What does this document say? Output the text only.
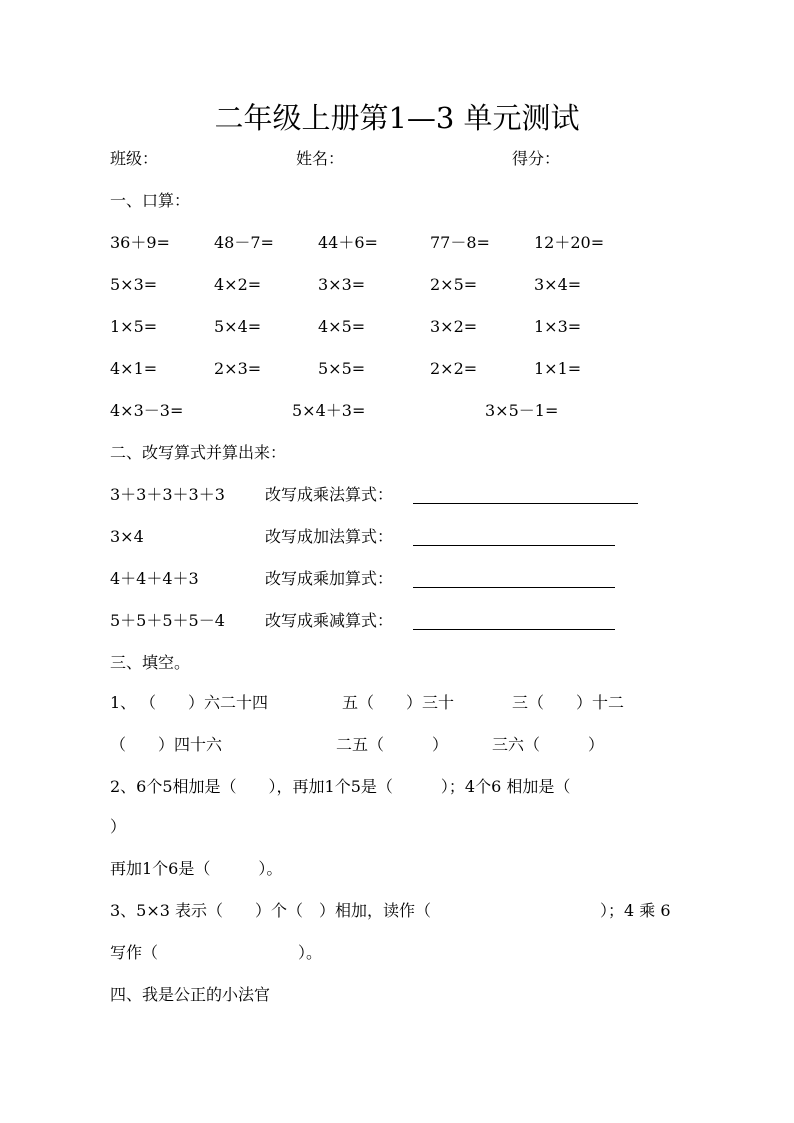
二年级上册第1—3 单元测试
班级：	姓名：	得分：
一、口算：
36＋9=	48－7=	44＋6=	77－8=	12＋20=
5×3=	4×2=	3×3=	2×5=	3×4=
1×5=	5×4=	4×5=	3×2=	1×3=
4×1=	2×3=	5×5=	2×2=	1×1=
4×3－3=	5×4＋3=	3×5－1=
二、改写算式并算出来：
3＋3＋3＋3＋3	改写成乘法算式：
3×4	改写成加法算式：
4＋4＋4＋3	改写成乘加算式：
5＋5＋5＋5－4	改写成乘减算式：
三、填空。
1、 （　　）六二十四	五（　　）三十	三（　　）十二
（　　）四十六	二五（　　　）	三六（　　　）
2、6个5相加是（　　），再加1个5是（　　　）；4个6 相加是（
）
再加1个6是（　　　）。
3、5×3 表示（　　）个（　）相加，读作（	）；4 乘 6
写作（	）。
四、我是公正的小法官
